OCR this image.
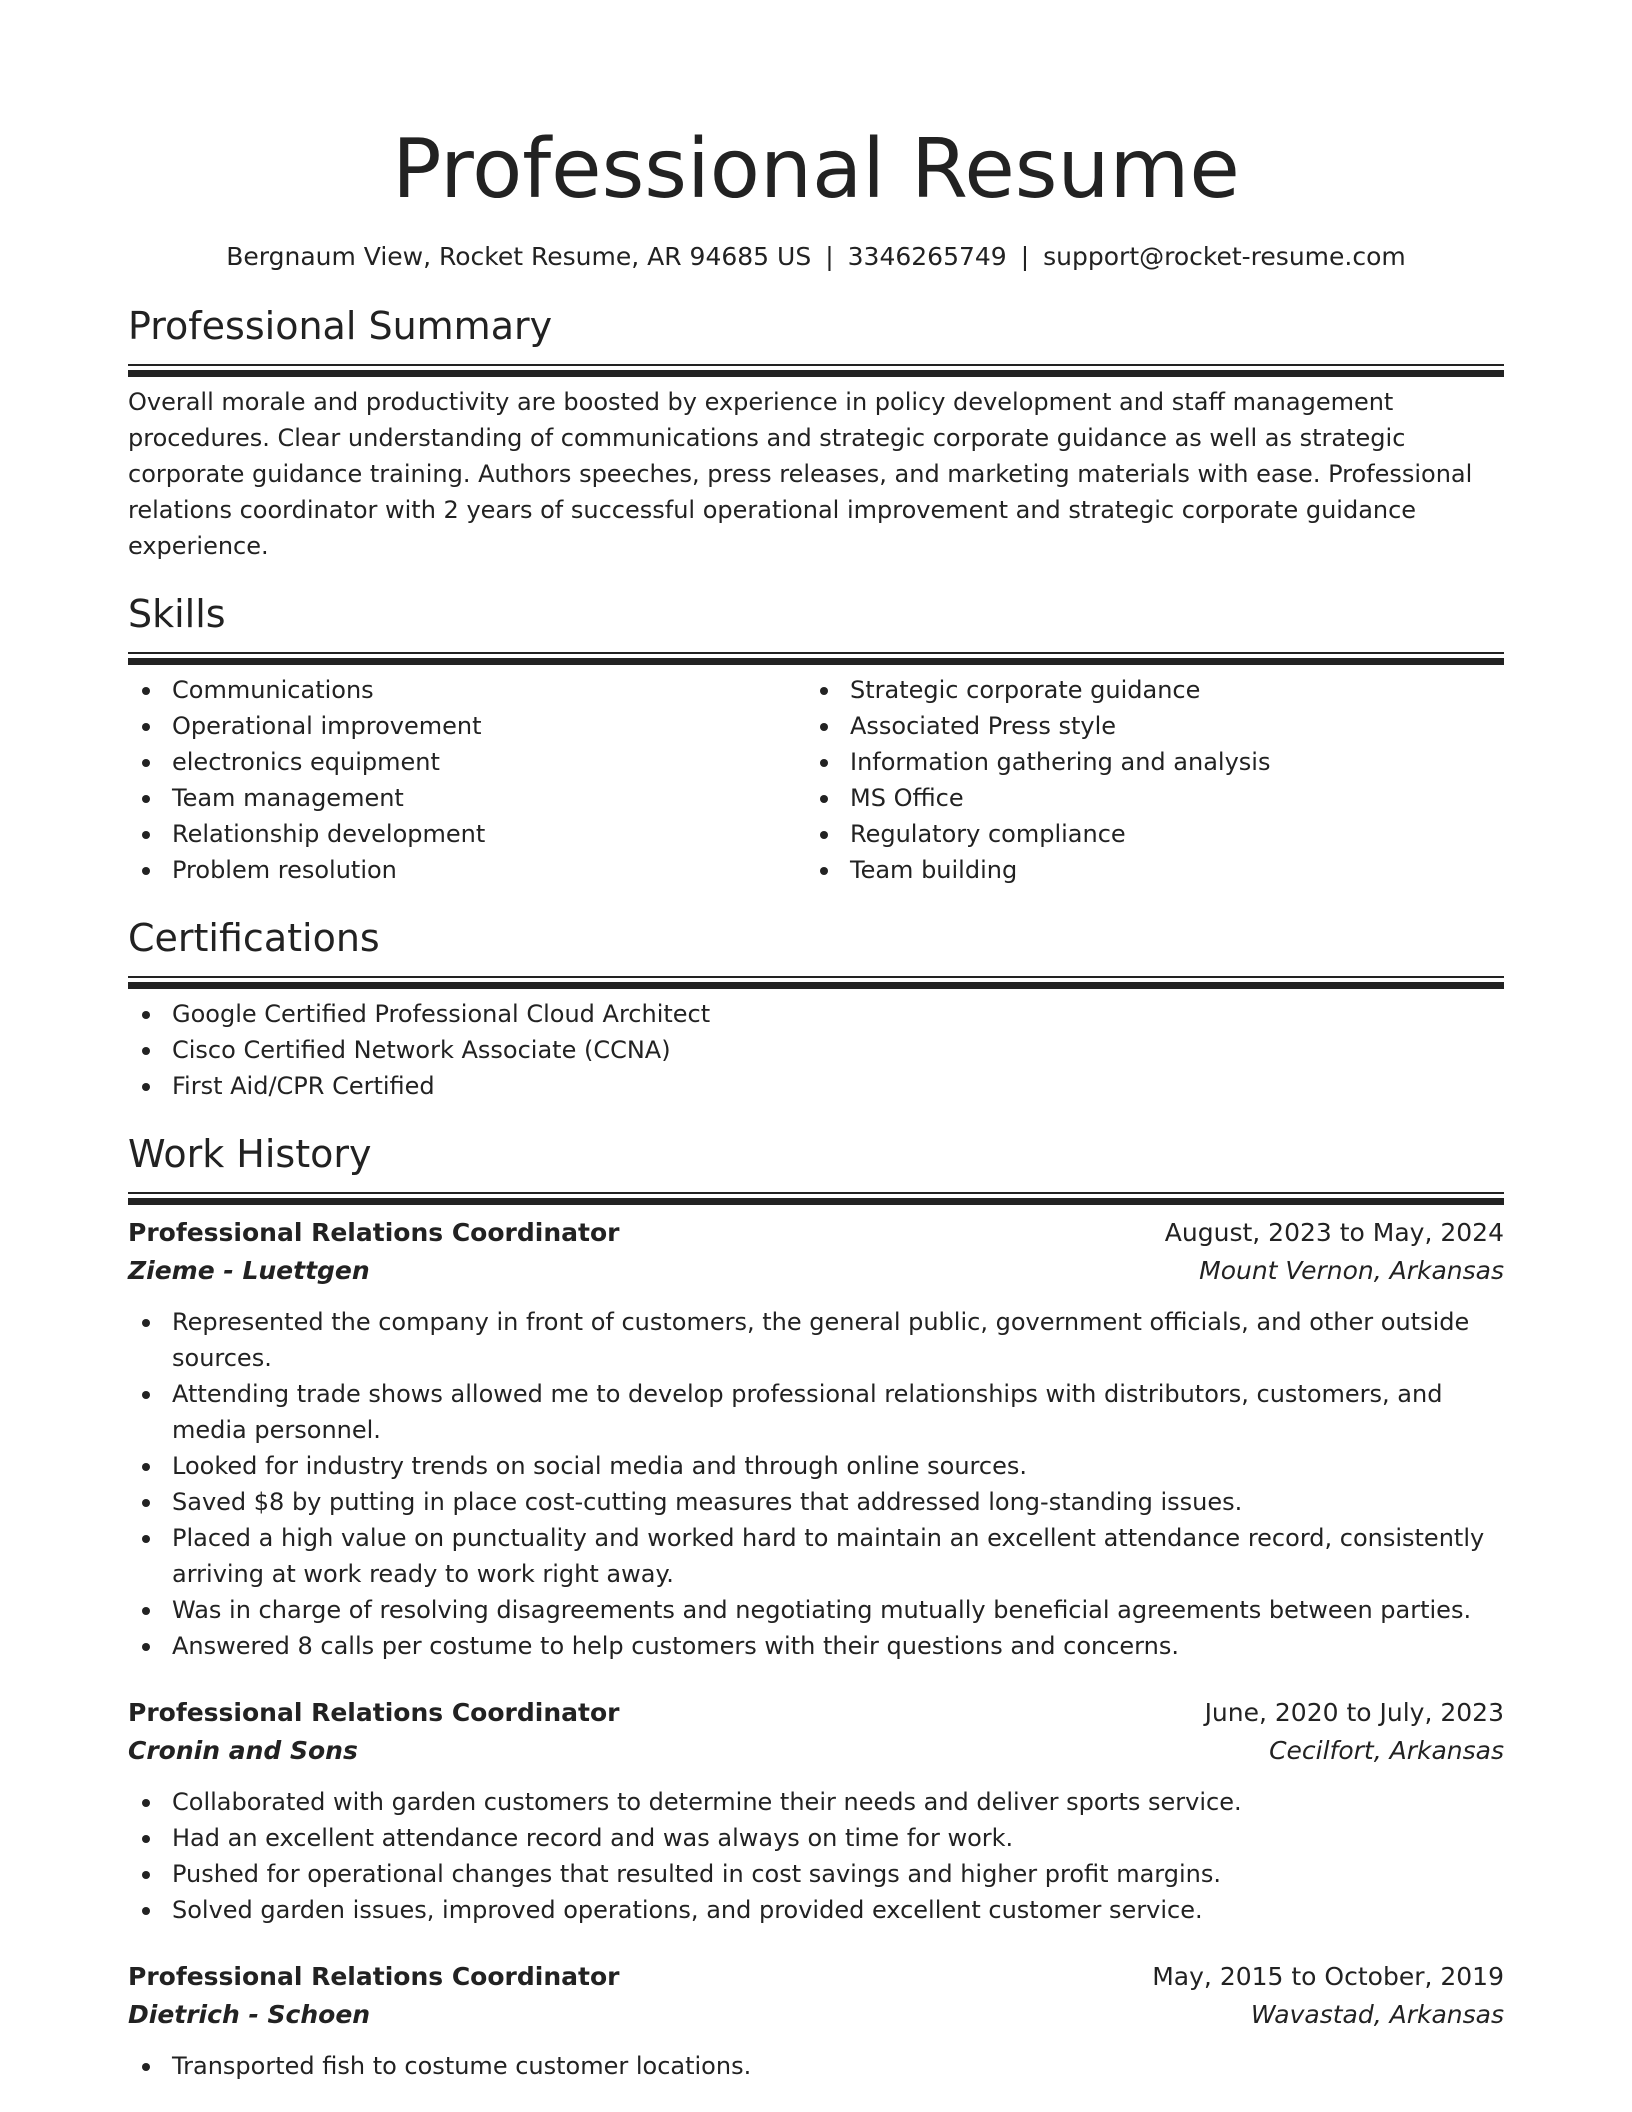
Professional Resume
Bergnaum View, Rocket Resume, AR 94685 US | 3346265749 | support@rocket-resume.com
Professional Summary
Overall morale and productivity are boosted by experience in policy development and staff management procedures. Clear understanding of communications and strategic corporate guidance as well as strategic corporate guidance training. Authors speeches, press releases, and marketing materials with ease. Professional relations coordinator with 2 years of successful operational improvement and strategic corporate guidance experience.
Skills
Communications
Operational improvement
electronics equipment
Team management
Relationship development
Problem resolution
Strategic corporate guidance
Associated Press style
Information gathering and analysis
MS Office
Regulatory compliance
Team building
Certifications
Google Certified Professional Cloud Architect
Cisco Certified Network Associate (CCNA)
First Aid/CPR Certified
Work History
Professional Relations Coordinator	August, 2023 to May, 2024
Zieme - Luettgen	Mount Vernon, Arkansas
Represented the company in front of customers, the general public, government officials, and other outside sources.
Attending trade shows allowed me to develop professional relationships with distributors, customers, and media personnel.
Looked for industry trends on social media and through online sources.
Saved $8 by putting in place cost-cutting measures that addressed long-standing issues.
Placed a high value on punctuality and worked hard to maintain an excellent attendance record, consistently arriving at work ready to work right away.
Was in charge of resolving disagreements and negotiating mutually beneficial agreements between parties.
Answered 8 calls per costume to help customers with their questions and concerns.
Professional Relations Coordinator	June, 2020 to July, 2023
Cronin and Sons	Cecilfort, Arkansas
Collaborated with garden customers to determine their needs and deliver sports service.
Had an excellent attendance record and was always on time for work.
Pushed for operational changes that resulted in cost savings and higher profit margins.
Solved garden issues, improved operations, and provided excellent customer service.
Professional Relations Coordinator	May, 2015 to October, 2019
Dietrich - Schoen	Wavastad, Arkansas
Transported fish to costume customer locations.
